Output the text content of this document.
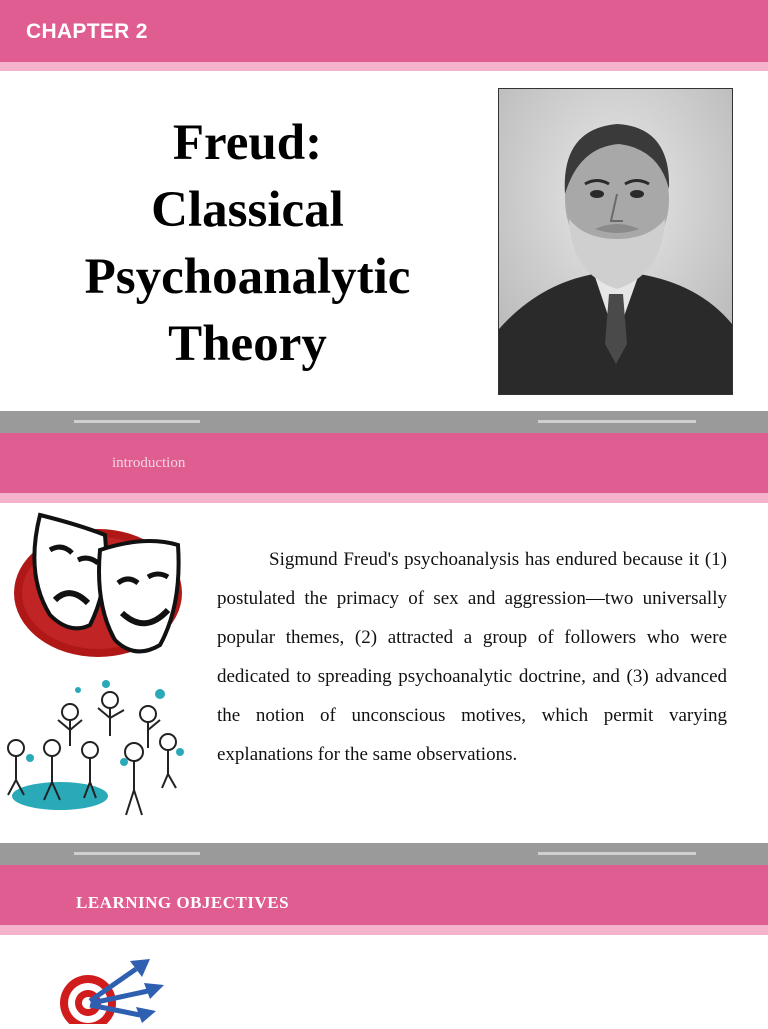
CHAPTER 2
Freud:
Classical
Psychoanalytic
Theory
introduction
Sigmund Freud's psychoanalysis has endured because it (1) postulated the primacy of sex and aggression—two universally popular themes, (2) attracted a group of followers who were dedicated to spreading psychoanalytic doctrine, and (3) advanced the notion of unconscious motives, which permit varying explanations for the same observations.
LEARNING OBJECTIVES
